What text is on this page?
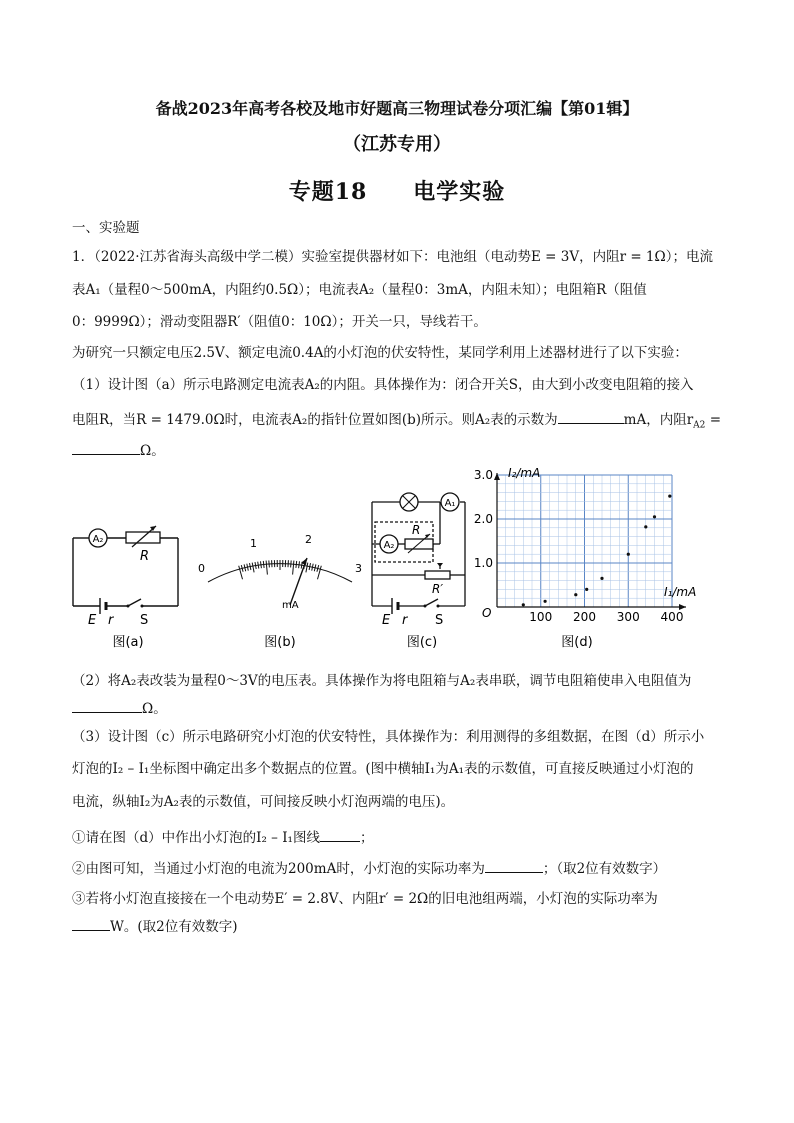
备战2023年高考各校及地市好题高三物理试卷分项汇编【第01辑】
（江苏专用）
专题18　　电学实验
一、实验题
1．（2022·江苏省海头高级中学二模）实验室提供器材如下：电池组（电动势E = 3V，内阻r = 1Ω）；电流
表A₁（量程0～500mA，内阻约0.5Ω）；电流表A₂（量程0：3mA，内阻未知）；电阻箱R（阻值
0：9999Ω）；滑动变阻器R′（阻值0：10Ω）；开关一只，导线若干。
为研究一只额定电压2.5V、额定电流0.4A的小灯泡的伏安特性，某同学利用上述器材进行了以下实验：
（1）设计图（a）所示电路测定电流表A₂的内阻。具体操作为：闭合开关S，由大到小改变电阻箱的接入
电阻R，当R = 1479.0Ω时，电流表A₂的指针位置如图(b)所示。则A₂表的示数为	mA，内阻$r_{A2}$ =
Ω。
A₂
R
E r S
图(a)
0
1	2
3
mA
图(b)
A₁
A₂
R
R′
E r S
图(c)
I₂/mA
I₁/mA
O	100 200 300 400
1.0
2.0
3.0
图(d)
（2）将A₂表改装为量程0～3V的电压表。具体操作为将电阻箱与A₂表串联，调节电阻箱使串入电阻值为
Ω。
（3）设计图（c）所示电路研究小灯泡的伏安特性，具体操作为：利用测得的多组数据，在图（d）所示小
灯泡的I₂ – I₁坐标图中确定出多个数据点的位置。(图中横轴I₁为A₁表的示数值，可直接反映通过小灯泡的
电流，纵轴I₂为A₂表的示数值，可间接反映小灯泡两端的电压)。
①请在图（d）中作出小灯泡的I₂ – I₁图线	；
②由图可知，当通过小灯泡的电流为200mA时，小灯泡的实际功率为	；（取2位有效数字）
③若将小灯泡直接接在一个电动势E′ = 2.8V、内阻r′ = 2Ω的旧电池组两端，小灯泡的实际功率为
W。(取2位有效数字)
